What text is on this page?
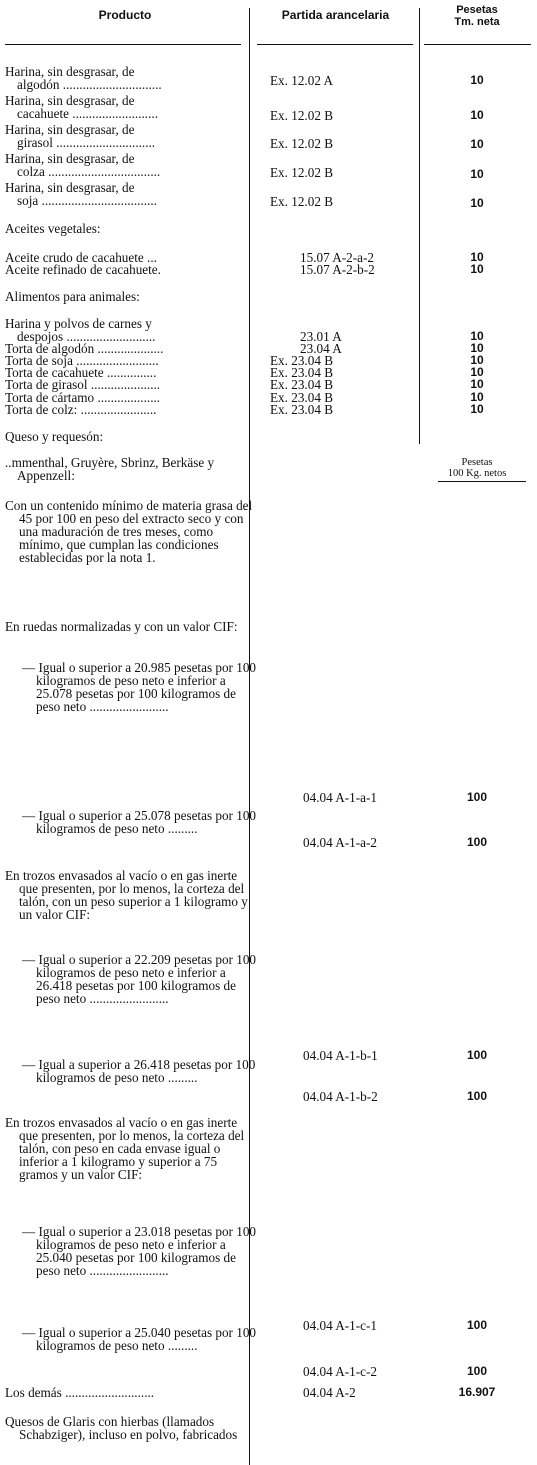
Producto	Partida arancelaria	Pesetas
Tm. neta
Harina, sin desgrasar, de
algodón ..............................	Ex. 12.02 A	10
Harina, sin desgrasar, de
cacahuete ..........................	Ex. 12.02 B	10
Harina, sin desgrasar, de
girasol ..............................	Ex. 12.02 B	10
Harina, sin desgrasar, de
colza ..................................	Ex. 12.02 B	10
Harina, sin desgrasar, de
soja ...................................	Ex. 12.02 B	10
Aceites vegetales:
Aceite crudo de cacahuete ...	15.07 A-2-a-2	10
Aceite refinado de cacahuete.	15.07 A-2-b-2	10
Alimentos para animales:
Harina y polvos de carnes y
despojos ...........................	23.01 A	10
Torta de algodón ....................	23.04 A	10
Torta de soja .........................	Ex. 23.04 B	10
Torta de cacahuete ...............	Ex. 23.04 B	10
Torta de girasol .....................	Ex. 23.04 B	10
Torta de cártamo ...................	Ex. 23.04 B	10
Torta de colz: .......................	Ex. 23.04 B	10
Queso y requesón:
..mmenthal, Gruyère, Sbrinz, Berkäse y Appenzell:
Pesetas
100 Kg. netos
Con un contenido mínimo de materia grasa del 45 por 100 en peso del extracto seco y con una maduración de tres meses, como mínimo, que cumplan las condiciones establecidas por la nota 1.
En ruedas normalizadas y con un valor CIF:
— Igual o superior a 20.985 pesetas por 100 kilogramos de peso neto e inferior a 25.078 pesetas por 100 kilogramos de peso neto ........................
04.04 A-1-a-1	100
— Igual o superior a 25.078 pesetas por 100 kilogramos de peso neto .........
04.04 A-1-a-2	100
En trozos envasados al vacío o en gas inerte que presenten, por lo menos, la corteza del talón, con un peso superior a 1 kilogramo y un valor CIF:
— Igual o superior a 22.209 pesetas por 100 kilogramos de peso neto e inferior a 26.418 pesetas por 100 kilogramos de peso neto ........................
04.04 A-1-b-1	100
— Igual a superior a 26.418 pesetas por 100 kilogramos de peso neto .........
04.04 A-1-b-2	100
En trozos envasados al vacío o en gas inerte que presenten, por lo menos, la corteza del talón, con peso en cada envase igual o inferior a 1 kilogramo y superior a 75 gramos y un valor CIF:
— Igual o superior a 23.018 pesetas por 100 kilogramos de peso neto e inferior a 25.040 pesetas por 100 kilogramos de peso neto ........................
04.04 A-1-c-1	100
— Igual o superior a 25.040 pesetas por 100 kilogramos de peso neto .........
04.04 A-1-c-2	100
Los demás ...........................	04.04 A-2	16.907
Quesos de Glaris con hierbas (llamados Schabziger), incluso en polvo, fabricados
